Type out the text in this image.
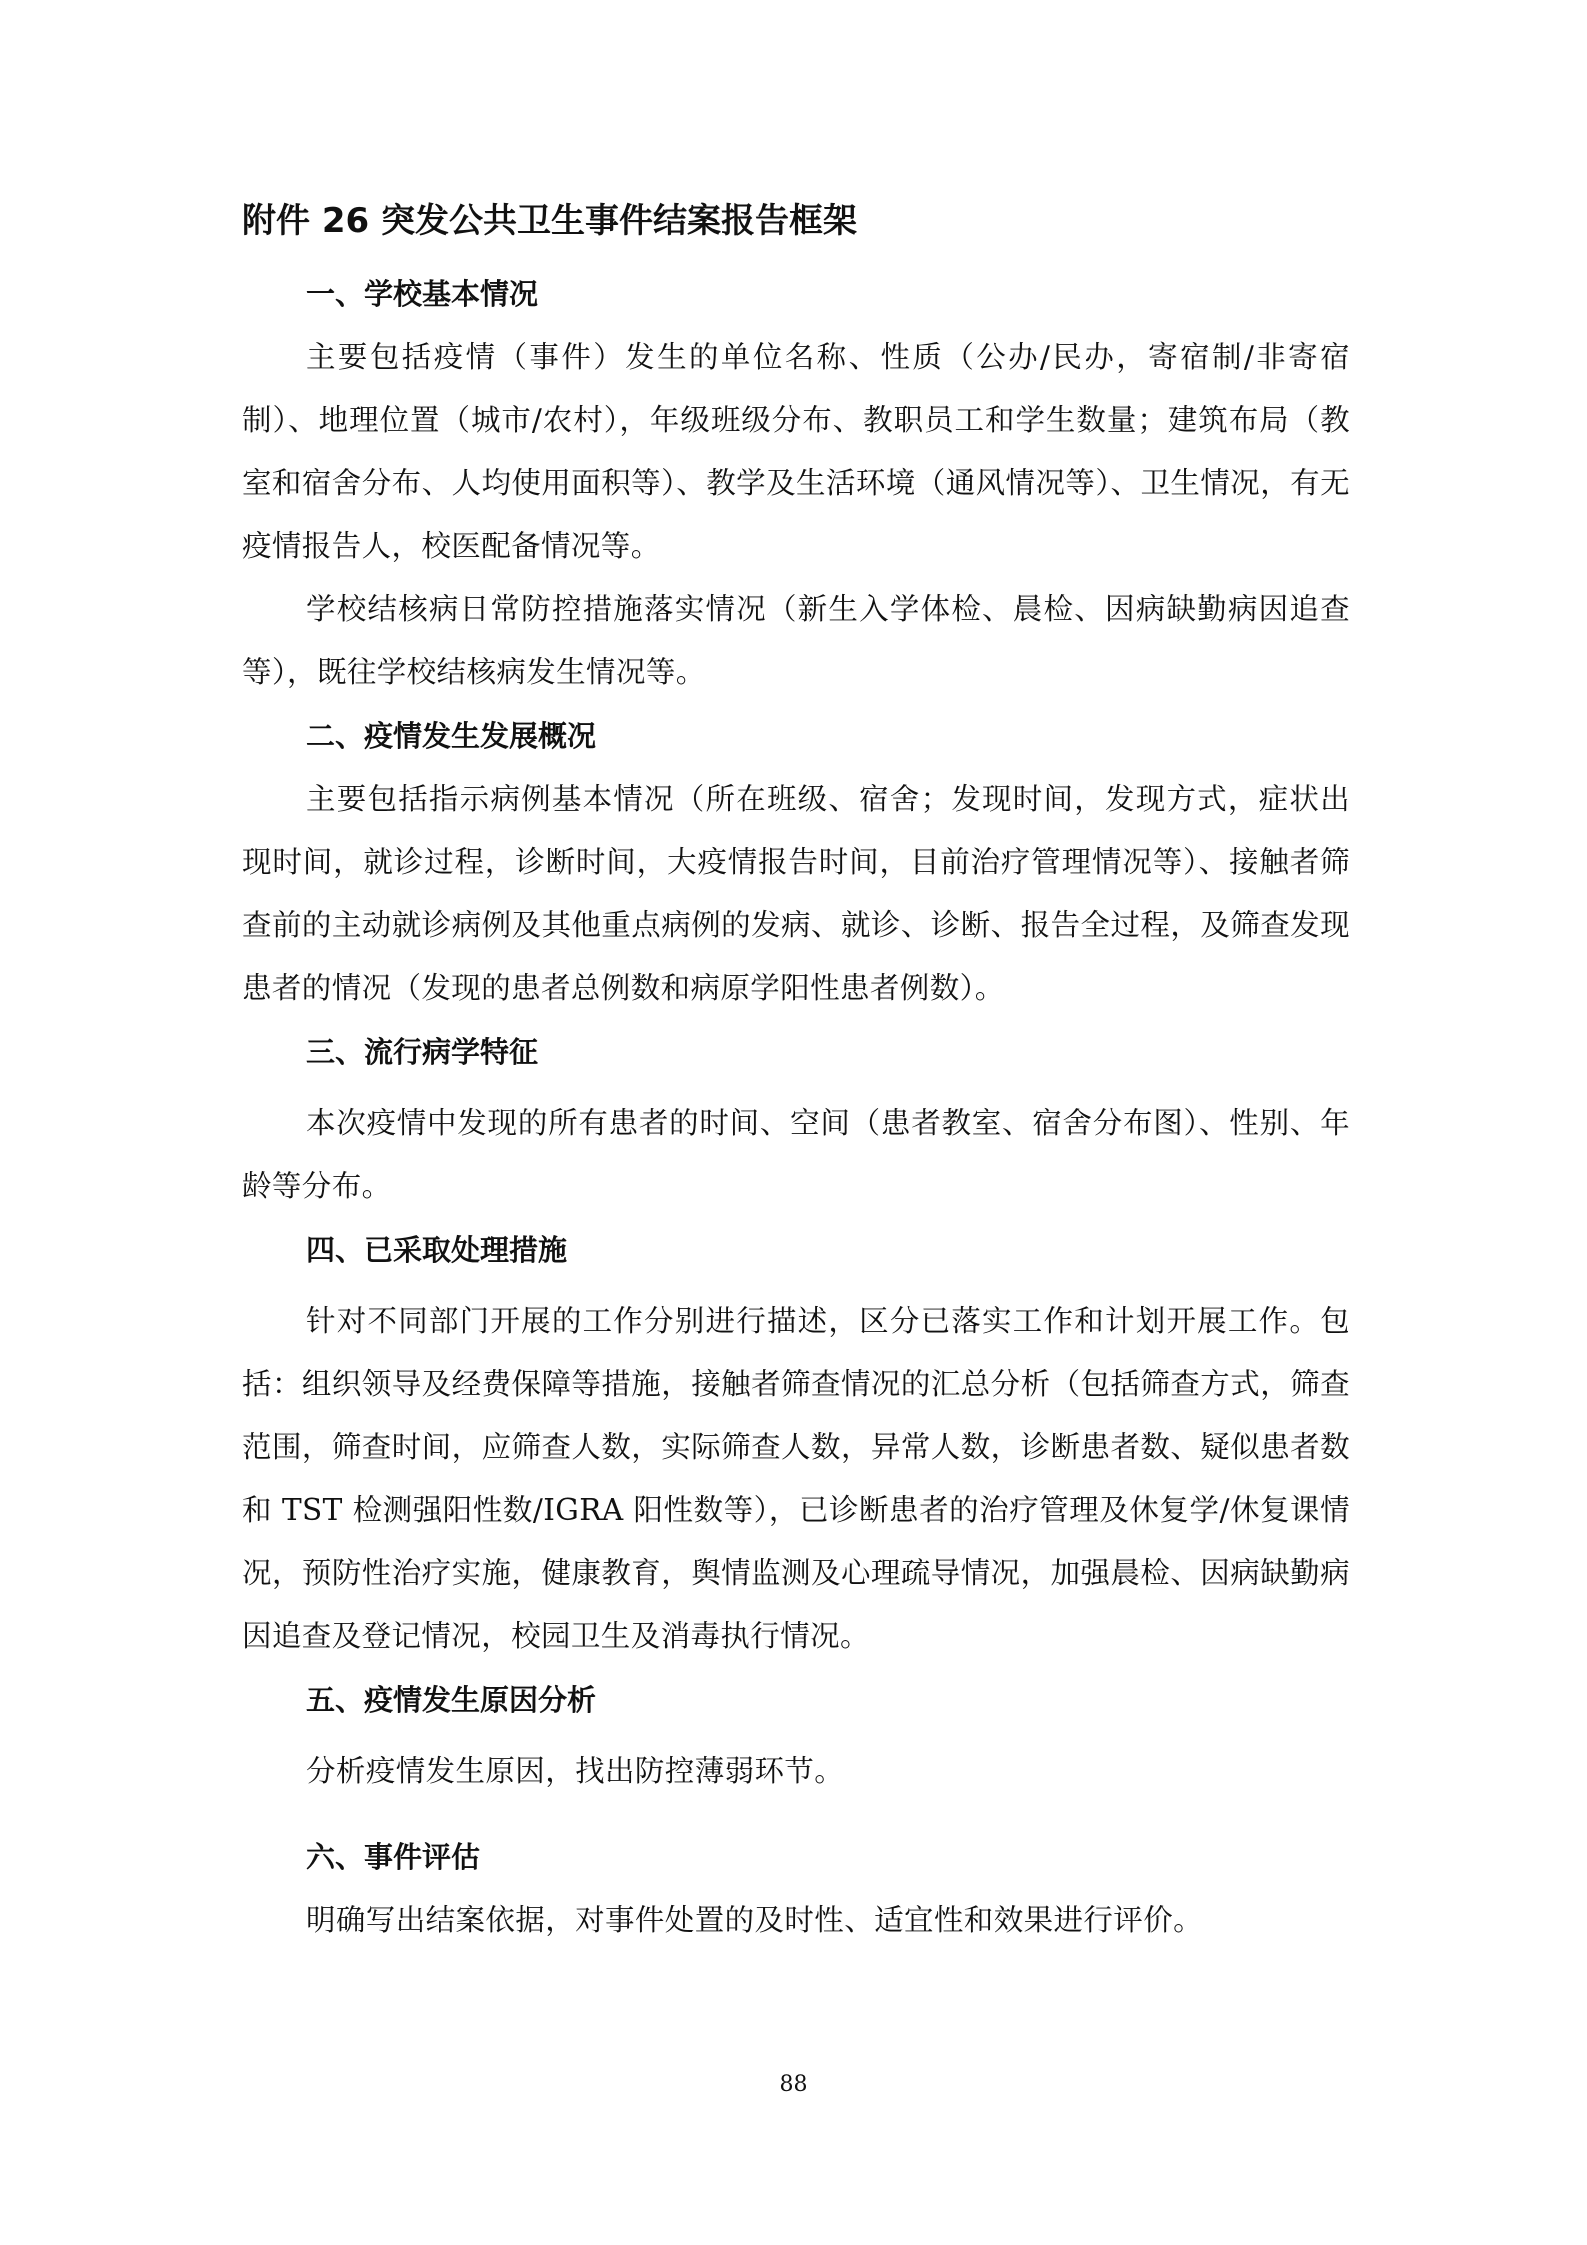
附件 26 突发公共卫生事件结案报告框架
一、学校基本情况

主要包括疫情（事件）发生的单位名称、性质（公办/民办，寄宿制/非寄宿制）、地理位置（城市/农村），年级班级分布、教职员工和学生数量；建筑布局（教室和宿舍分布、人均使用面积等）、教学及生活环境（通风情况等）、卫生情况，有无疫情报告人，校医配备情况等。

学校结核病日常防控措施落实情况（新生入学体检、晨检、因病缺勤病因追查等），既往学校结核病发生情况等。

二、疫情发生发展概况

主要包括指示病例基本情况（所在班级、宿舍；发现时间，发现方式，症状出现时间，就诊过程，诊断时间，大疫情报告时间，目前治疗管理情况等）、接触者筛查前的主动就诊病例及其他重点病例的发病、就诊、诊断、报告全过程，及筛查发现患者的情况（发现的患者总例数和病原学阳性患者例数）。

三、流行病学特征

本次疫情中发现的所有患者的时间、空间（患者教室、宿舍分布图）、性别、年龄等分布。

四、已采取处理措施

针对不同部门开展的工作分别进行描述，区分已落实工作和计划开展工作。包括：组织领导及经费保障等措施，接触者筛查情况的汇总分析（包括筛查方式，筛查范围，筛查时间，应筛查人数，实际筛查人数，异常人数，诊断患者数、疑似患者数和 TST 检测强阳性数/IGRA 阳性数等），已诊断患者的治疗管理及休复学/休复课情况，预防性治疗实施，健康教育，舆情监测及心理疏导情况，加强晨检、因病缺勤病因追查及登记情况，校园卫生及消毒执行情况。

五、疫情发生原因分析

分析疫情发生原因，找出防控薄弱环节。

六、事件评估

明确写出结案依据，对事件处置的及时性、适宜性和效果进行评价。

88
